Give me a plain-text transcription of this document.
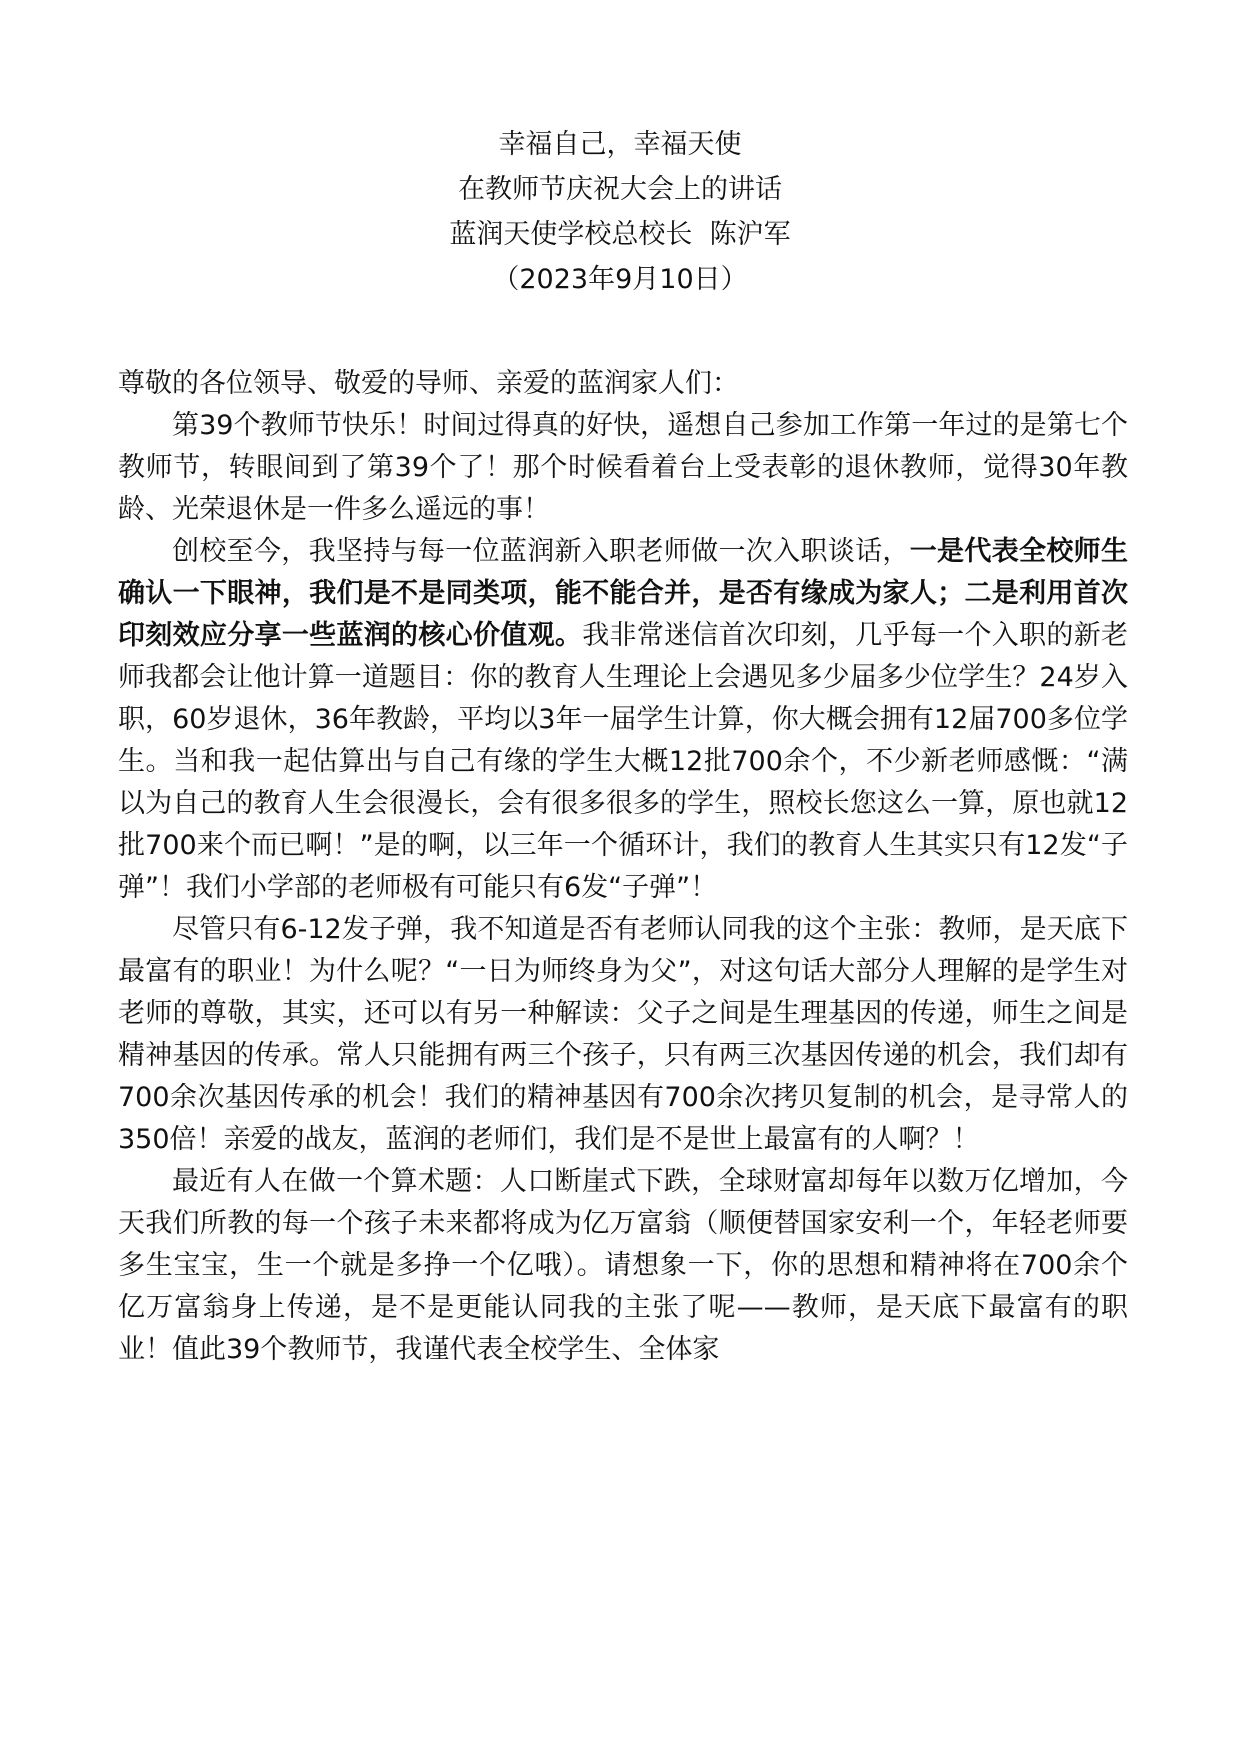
幸福自己，幸福天使
在教师节庆祝大会上的讲话
蓝润天使学校总校长  陈沪军
（2023年9月10日）

尊敬的各位领导、敬爱的导师、亲爱的蓝润家人们：

第39个教师节快乐！时间过得真的好快，遥想自己参加工作第一年过的是第七个教师节，转眼间到了第39个了！那个时候看着台上受表彰的退休教师，觉得30年教龄、光荣退休是一件多么遥远的事！

创校至今，我坚持与每一位蓝润新入职老师做一次入职谈话，一是代表全校师生确认一下眼神，我们是不是同类项，能不能合并，是否有缘成为家人；二是利用首次印刻效应分享一些蓝润的核心价值观。我非常迷信首次印刻，几乎每一个入职的新老师我都会让他计算一道题目：你的教育人生理论上会遇见多少届多少位学生？24岁入职，60岁退休，36年教龄，平均以3年一届学生计算，你大概会拥有12届700多位学生。当和我一起估算出与自己有缘的学生大概12批700余个，不少新老师感慨：“满以为自己的教育人生会很漫长，会有很多很多的学生，照校长您这么一算，原也就12批700来个而已啊！”是的啊，以三年一个循环计，我们的教育人生其实只有12发“子弹”！我们小学部的老师极有可能只有6发“子弹”！

尽管只有6-12发子弹，我不知道是否有老师认同我的这个主张：教师，是天底下最富有的职业！为什么呢？“一日为师终身为父”，对这句话大部分人理解的是学生对老师的尊敬，其实，还可以有另一种解读：父子之间是生理基因的传递，师生之间是精神基因的传承。常人只能拥有两三个孩子，只有两三次基因传递的机会，我们却有700余次基因传承的机会！我们的精神基因有700余次拷贝复制的机会，是寻常人的350倍！亲爱的战友，蓝润的老师们，我们是不是世上最富有的人啊？！

最近有人在做一个算术题：人口断崖式下跌，全球财富却每年以数万亿增加，今天我们所教的每一个孩子未来都将成为亿万富翁（顺便替国家安利一个，年轻老师要多生宝宝，生一个就是多挣一个亿哦）。请想象一下，你的思想和精神将在700余个亿万富翁身上传递，是不是更能认同我的主张了呢——教师，是天底下最富有的职业！值此39个教师节，我谨代表全校学生、全体家
